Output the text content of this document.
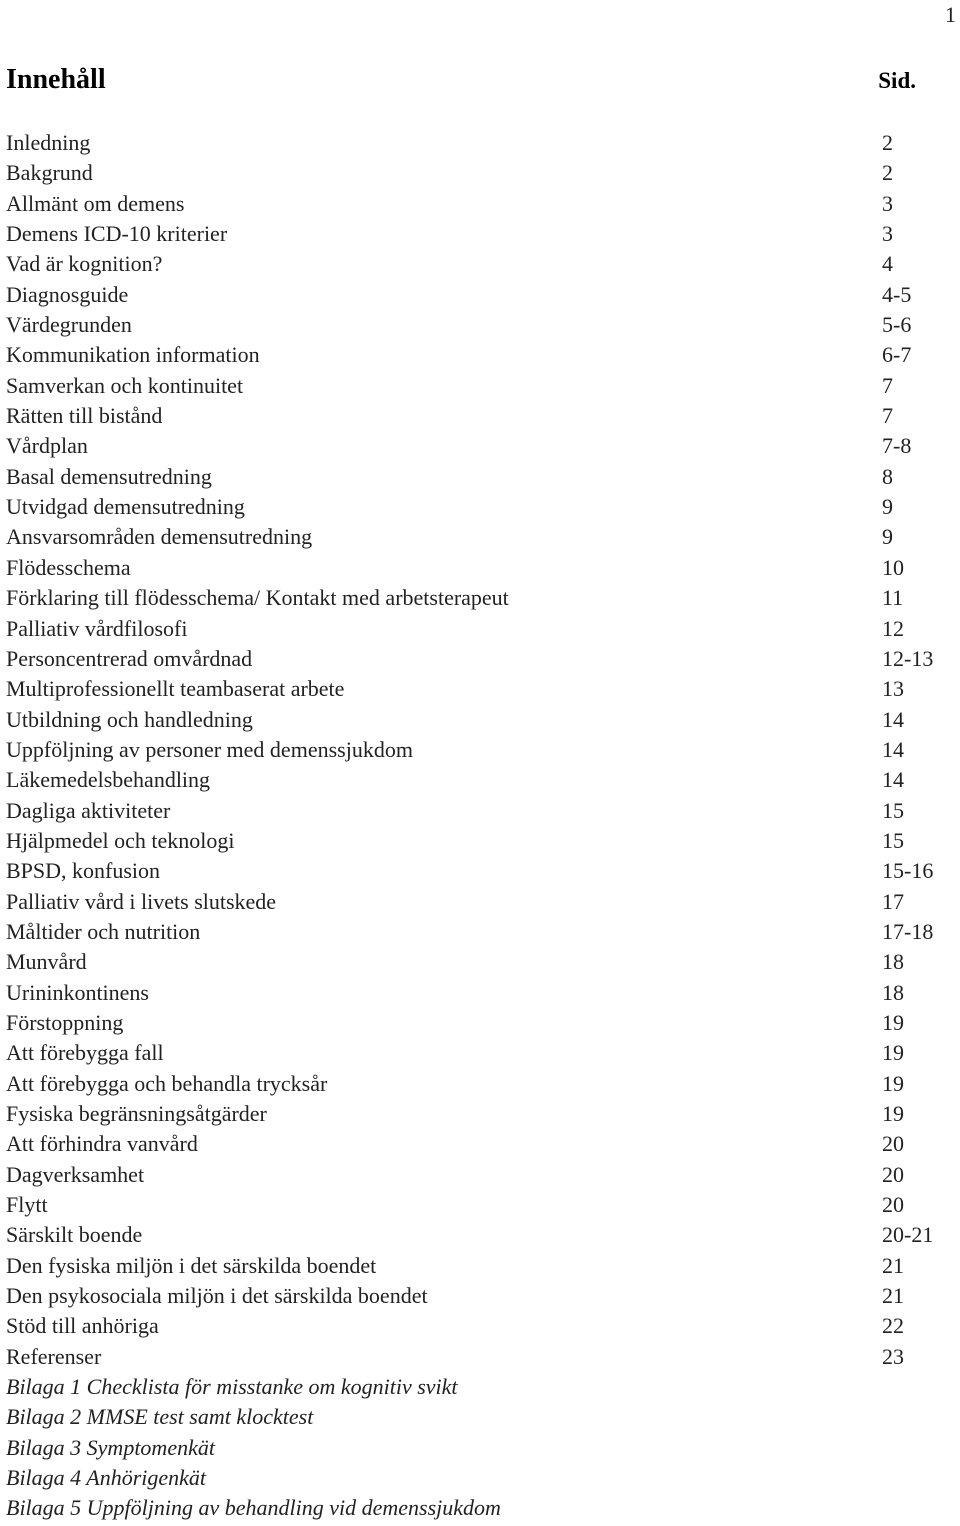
1
Innehåll	Sid.
Inledning	2
Bakgrund	2
Allmänt om demens	3
Demens ICD-10 kriterier	3
Vad är kognition?	4
Diagnosguide	4-5
Värdegrunden	5-6
Kommunikation information	6-7
Samverkan och kontinuitet	7
Rätten till bistånd	7
Vårdplan	7-8
Basal demensutredning	8
Utvidgad demensutredning	9
Ansvarsområden demensutredning	9
Flödesschema	10
Förklaring till flödesschema/ Kontakt med arbetsterapeut	11
Palliativ vårdfilosofi	12
Personcentrerad omvårdnad	12-13
Multiprofessionellt teambaserat arbete	13
Utbildning och handledning	14
Uppföljning av personer med demenssjukdom	14
Läkemedelsbehandling	14
Dagliga aktiviteter	15
Hjälpmedel och teknologi	15
BPSD, konfusion	15-16
Palliativ vård i livets slutskede	17
Måltider och nutrition	17-18
Munvård	18
Urininkontinens	18
Förstoppning	19
Att förebygga fall	19
Att förebygga och behandla trycksår	19
Fysiska begränsningsåtgärder	19
Att förhindra vanvård	20
Dagverksamhet	20
Flytt	20
Särskilt boende	20-21
Den fysiska miljön i det särskilda boendet	21
Den psykosociala miljön i det särskilda boendet	21
Stöd till anhöriga	22
Referenser	23
Bilaga 1 Checklista för misstanke om kognitiv svikt
Bilaga 2 MMSE test samt klocktest
Bilaga 3 Symptomenkät
Bilaga 4 Anhörigenkät
Bilaga 5 Uppföljning av behandling vid demenssjukdom
